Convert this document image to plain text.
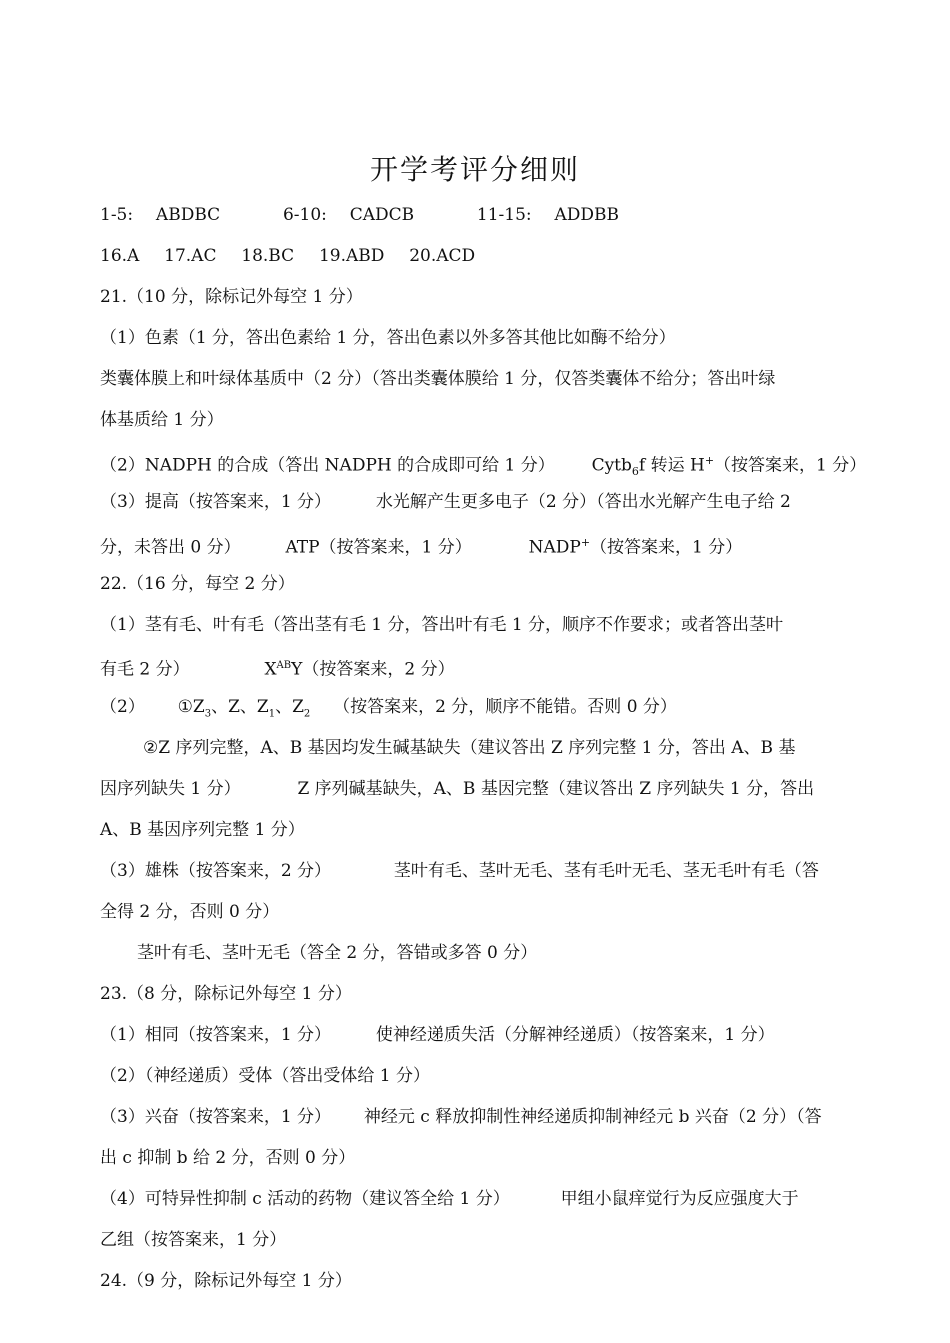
开学考评分细则
1-5: ABDBC	6-10: CADCB	11-15: ADDBB
16.A 17.AC 18.BC 19.ABD 20.ACD
21.（10 分，除标记外每空 1 分）
（1）色素（1 分，答出色素给 1 分，答出色素以外多答其他比如酶不给分）
类囊体膜上和叶绿体基质中（2 分）（答出类囊体膜给 1 分，仅答类囊体不给分；答出叶绿
体基质给 1 分）
（2）NADPH 的合成（答出 NADPH 的合成即可给 1 分） Cytb$_6$f 转运 H+（按答案来，1 分）
（3）提高（按答案来，1 分）	水光解产生更多电子（2 分）（答出水光解产生电子给 2
分，未答出 0 分）	ATP（按答案来，1 分）	NADP+（按答案来，1 分）
22.（16 分，每空 2 分）
（1）茎有毛、叶有毛（答出茎有毛 1 分，答出叶有毛 1 分，顺序不作要求；或者答出茎叶
有毛 2 分）	$X^{AB}Y$（按答案来，2 分）
（2） $①Z_3$、Z、$Z_1$、$Z_2$ （按答案来，2 分，顺序不能错。否则 0 分）
②Z 序列完整，A、B 基因均发生碱基缺失（建议答出 Z 序列完整 1 分，答出 A、B 基
因序列缺失 1 分）	Z 序列碱基缺失，A、B 基因完整（建议答出 Z 序列缺失 1 分，答出
A、B 基因序列完整 1 分）
（3）雄株（按答案来，2 分）	茎叶有毛、茎叶无毛、茎有毛叶无毛、茎无毛叶有毛（答
全得 2 分，否则 0 分）
茎叶有毛、茎叶无毛（答全 2 分，答错或多答 0 分）
23.（8 分，除标记外每空 1 分）
（1）相同（按答案来，1 分）	使神经递质失活（分解神经递质）（按答案来，1 分）
（2）（神经递质）受体（答出受体给 1 分）
（3）兴奋（按答案来，1 分） 神经元 c 释放抑制性神经递质抑制神经元 b 兴奋（2 分）（答
出 c 抑制 b 给 2 分，否则 0 分）
（4）可特异性抑制 c 活动的药物（建议答全给 1 分）	甲组小鼠痒觉行为反应强度大于
乙组（按答案来，1 分）
24.（9 分，除标记外每空 1 分）
